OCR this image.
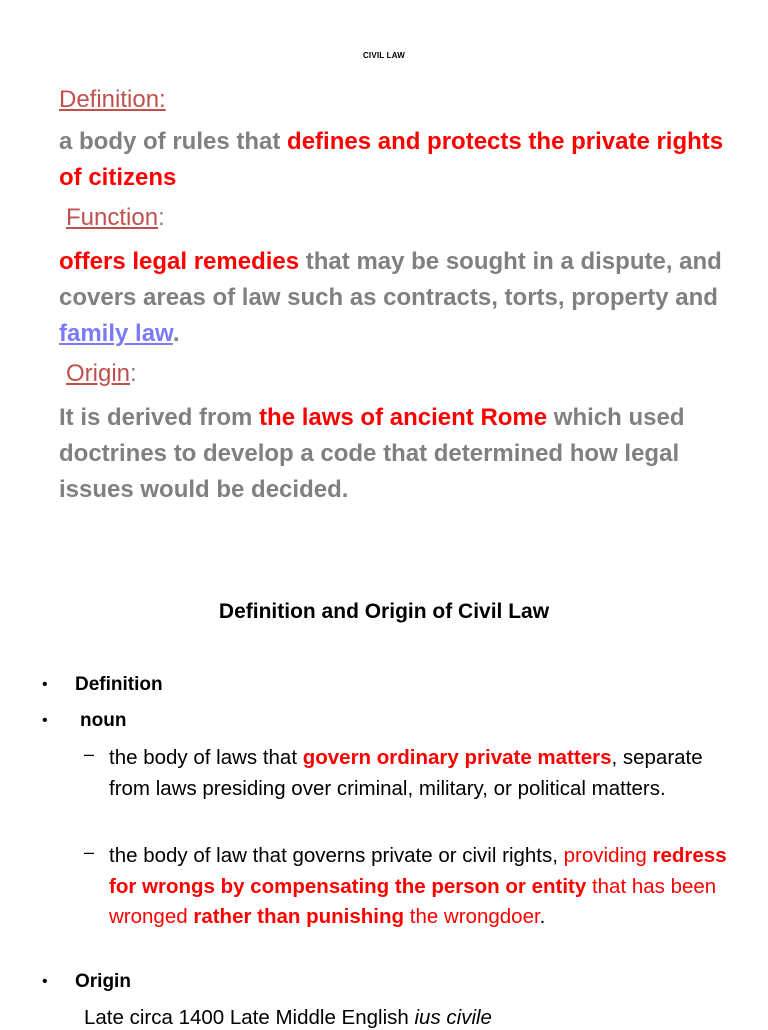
CIVIL LAW
Definition:
a body of rules that defines and protects the private rights of citizens
Function:
offers legal remedies that may be sought in a dispute, and covers areas of law such as contracts, torts, property and family law.
Origin:
It is derived from the laws of ancient Rome which used doctrines to develop a code that determined how legal issues would be decided.
Definition and Origin of Civil Law
• Definition
• noun
– the body of laws that govern ordinary private matters, separate from laws presiding over criminal, military, or political matters.
– the body of law that governs private or civil rights, providing redress for wrongs by compensating the person or entity that has been wronged rather than punishing the wrongdoer.
• Origin
Late circa 1400 Late Middle English ius civile
